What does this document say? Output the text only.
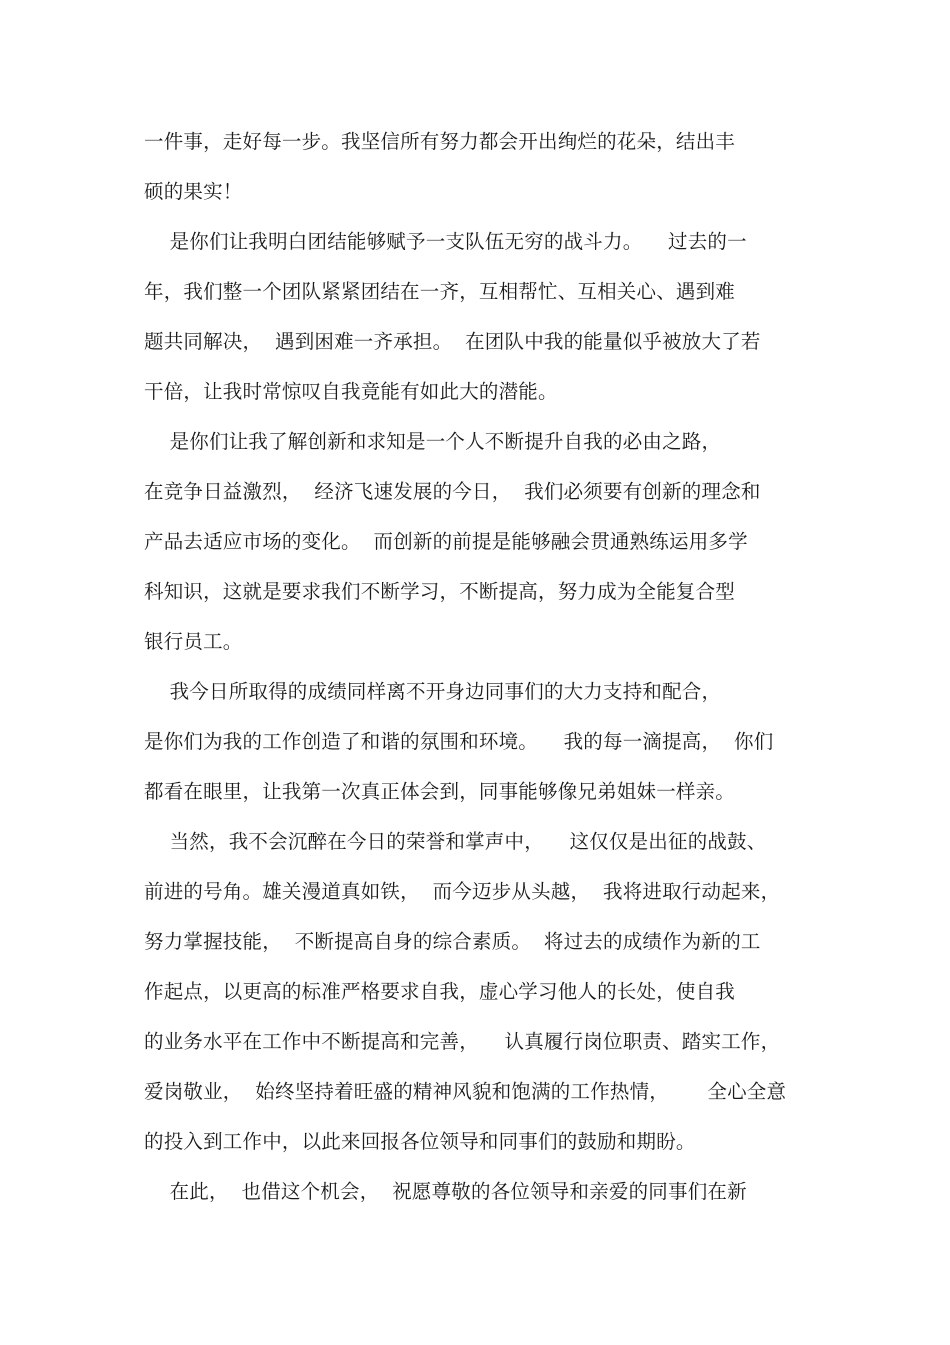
一件事，走好每一步。我坚信所有努力都会开出绚烂的花朵，结出丰
硕的果实！
是你们让我明白团结能够赋予一支队伍无穷的战斗力。    过去的一
年，我们整一个团队紧紧团结在一齐，互相帮忙、互相关心、遇到难
题共同解决，  遇到困难一齐承担。  在团队中我的能量似乎被放大了若
干倍，让我时常惊叹自我竟能有如此大的潜能。
是你们让我了解创新和求知是一个人不断提升自我的必由之路，
在竞争日益激烈，  经济飞速发展的今日，  我们必须要有创新的理念和
产品去适应市场的变化。  而创新的前提是能够融会贯通熟练运用多学
科知识，这就是要求我们不断学习，不断提高，努力成为全能复合型
银行员工。
我今日所取得的成绩同样离不开身边同事们的大力支持和配合，
是你们为我的工作创造了和谐的氛围和环境。    我的每一滴提高，  你们
都看在眼里，让我第一次真正体会到，同事能够像兄弟姐妹一样亲。
当然，我不会沉醉在今日的荣誉和掌声中，    这仅仅是出征的战鼓、
前进的号角。雄关漫道真如铁，  而今迈步从头越，  我将进取行动起来，
努力掌握技能，  不断提高自身的综合素质。  将过去的成绩作为新的工
作起点，以更高的标准严格要求自我，虚心学习他人的长处，使自我
的业务水平在工作中不断提高和完善，    认真履行岗位职责、踏实工作，
爱岗敬业，  始终坚持着旺盛的精神风貌和饱满的工作热情，      全心全意
的投入到工作中，以此来回报各位领导和同事们的鼓励和期盼。
在此，  也借这个机会，  祝愿尊敬的各位领导和亲爱的同事们在新
